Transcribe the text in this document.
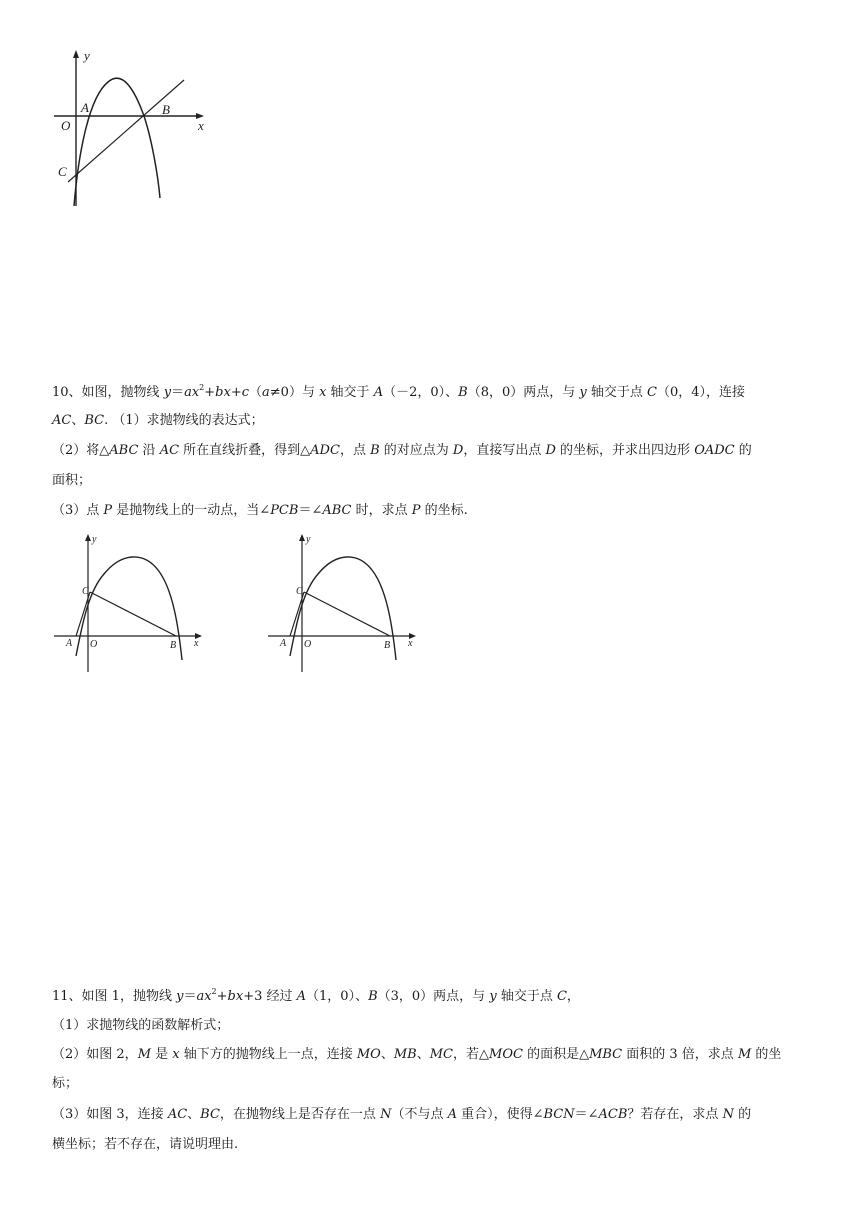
y
x
O
A	B
C
10、如图，抛物线 $y=ax^2+bx+c(a\ne 0)$与 x 轴交于 A（－2，0）、B（8，0）两点，与 y 轴交于点 C（0，4），连接
AC、BC. （1）求抛物线的表达式；
（2）将△ABC 沿 AC 所在直线折叠，得到△ADC，点 B 的对应点为 D，直接写出点 D 的坐标，并求出四边形 OADC 的
面积；
（3）点 P 是抛物线上的一动点，当∠PCB＝∠ABC 时，求点 P 的坐标.
y
x
O
A	B
C
y
x
O
A	B
C
11、如图 1，抛物线 $y=ax^2+bx+3$ 经过 A（1，0）、B（3，0）两点，与 y 轴交于点 C，
（1）求抛物线的函数解析式；
（2）如图 2，M 是 x 轴下方的抛物线上一点，连接 MO、MB、MC，若△MOC 的面积是△MBC 面积的 3 倍，求点 M 的坐
标；
（3）如图 3，连接 AC、BC，在抛物线上是否存在一点 N（不与点 A 重合），使得∠BCN＝∠ACB？若存在，求点 N 的
横坐标；若不存在，请说明理由.
